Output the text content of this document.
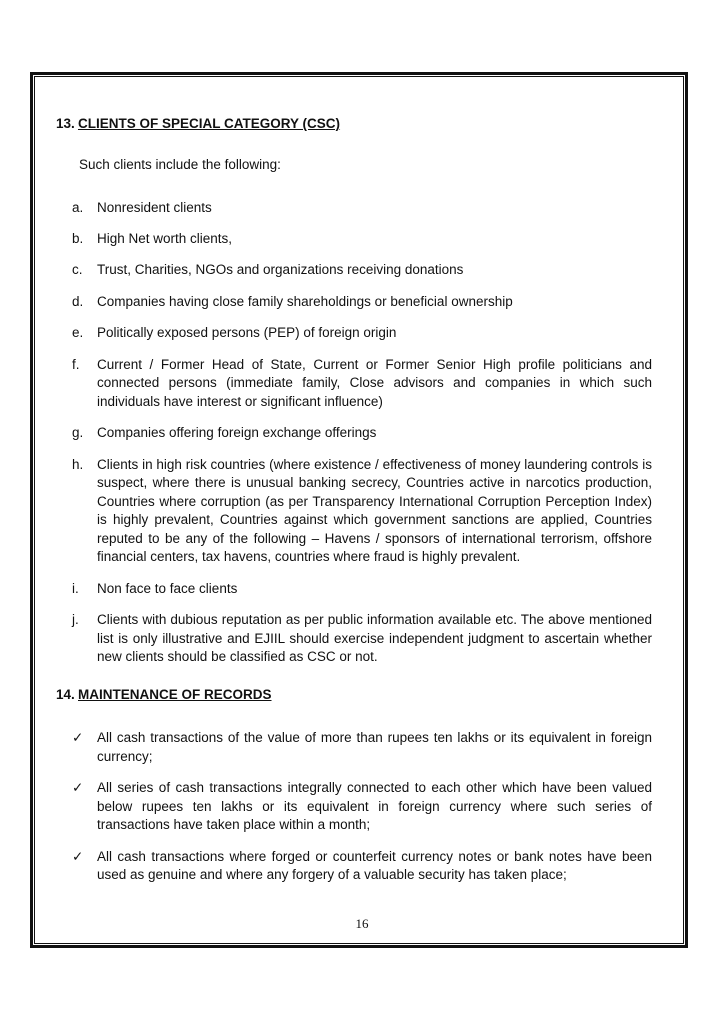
13. CLIENTS OF SPECIAL CATEGORY (CSC)

Such clients include the following:

a. Nonresident clients
b. High Net worth clients,
c. Trust, Charities, NGOs and organizations receiving donations
d. Companies having close family shareholdings or beneficial ownership
e. Politically exposed persons (PEP) of foreign origin
f. Current / Former Head of State, Current or Former Senior High profile politicians and connected persons (immediate family, Close advisors and companies in which such individuals have interest or significant influence)
g. Companies offering foreign exchange offerings
h. Clients in high risk countries (where existence / effectiveness of money laundering controls is suspect, where there is unusual banking secrecy, Countries active in narcotics production, Countries where corruption (as per Transparency International Corruption Perception Index) is highly prevalent, Countries against which government sanctions are applied, Countries reputed to be any of the following – Havens / sponsors of international terrorism, offshore financial centers, tax havens, countries where fraud is highly prevalent.
i. Non face to face clients
j. Clients with dubious reputation as per public information available etc. The above mentioned list is only illustrative and EJIIL should exercise independent judgment to ascertain whether new clients should be classified as CSC or not.
14. MAINTENANCE OF RECORDS
✓ All cash transactions of the value of more than rupees ten lakhs or its equivalent in foreign currency;
✓ All series of cash transactions integrally connected to each other which have been valued below rupees ten lakhs or its equivalent in foreign currency where such series of transactions have taken place within a month;
✓ All cash transactions where forged or counterfeit currency notes or bank notes have been used as genuine and where any forgery of a valuable security has taken place;
16
